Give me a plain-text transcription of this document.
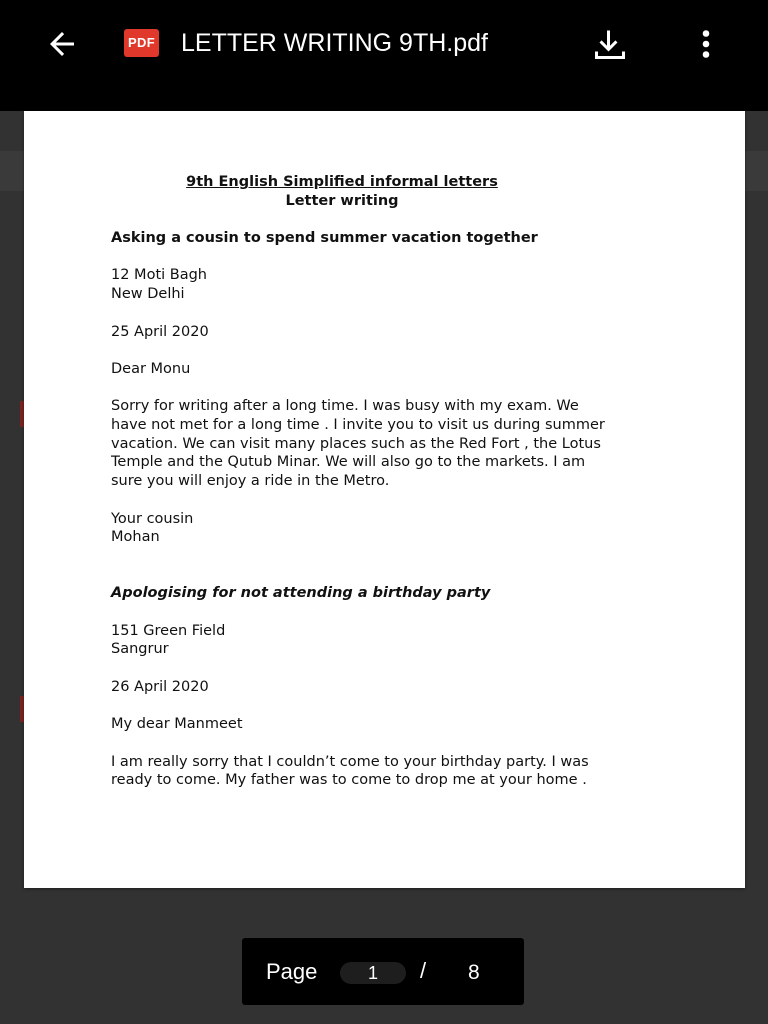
PDF LETTER WRITING 9TH.pdf

9th English Simplified informal letters

Letter writing

Asking a cousin to spend summer vacation together

12 Moti Bagh

New Delhi

25 April 2020

Dear Monu

Sorry for writing after a long time. I was busy with my exam. We

have not met for a long time . I invite you to visit us during summer

vacation. We can visit many places such as the Red Fort , the Lotus

Temple and the Qutub Minar. We will also go to the markets. I am

sure you will enjoy a ride in the Metro.

Your cousin

Mohan

Apologising for not attending a birthday party

151 Green Field

Sangrur

26 April 2020

My dear Manmeet

I am really sorry that I couldn’t come to your birthday party. I was

ready to come. My father was to come to drop me at your home .

Page	1	/ 8
